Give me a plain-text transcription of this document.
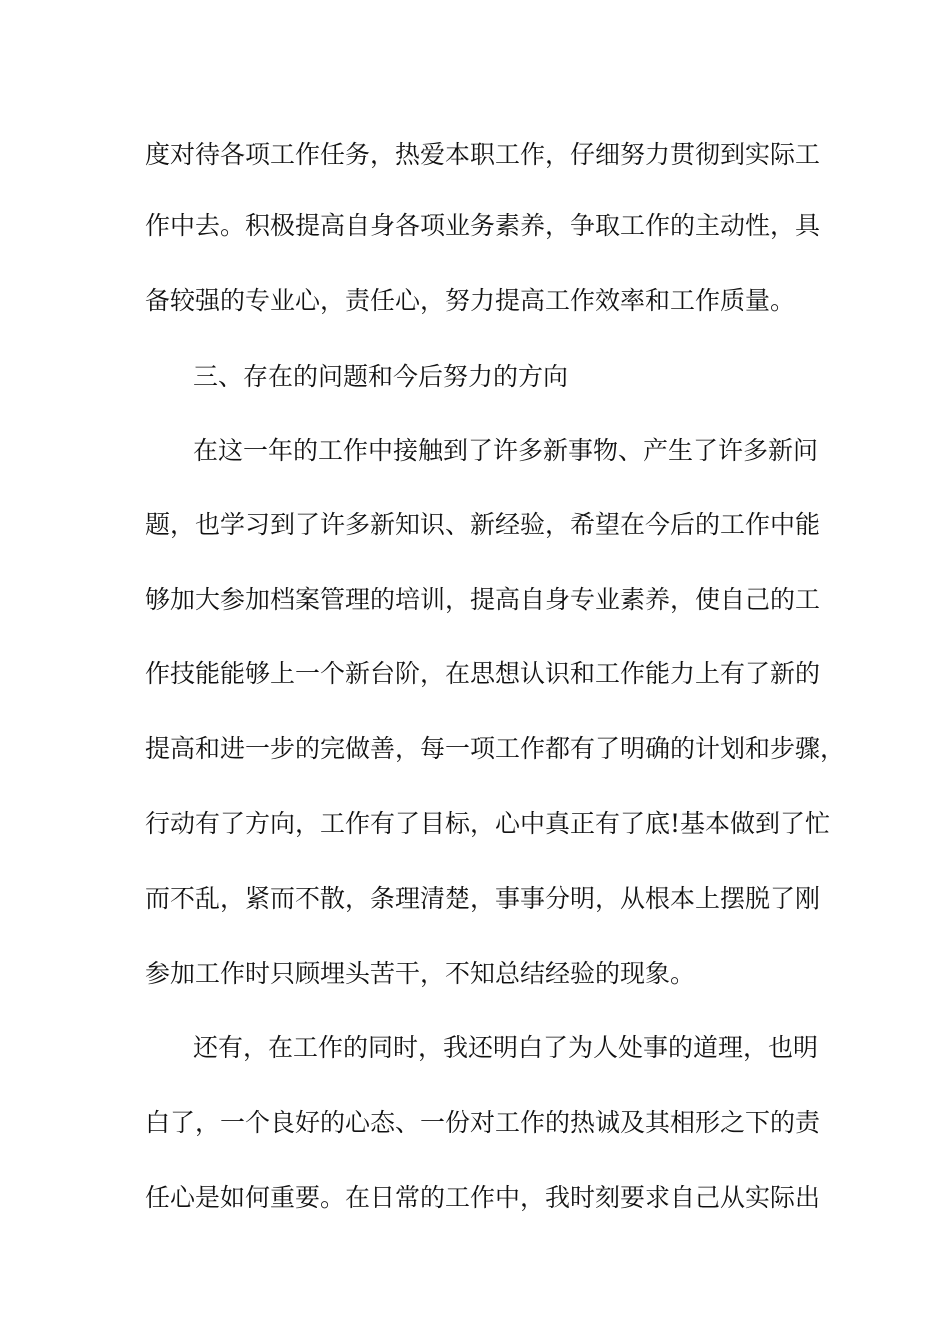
度对待各项工作任务，热爱本职工作，仔细努力贯彻到实际工
作中去。积极提高自身各项业务素养，争取工作的主动性，具
备较强的专业心，责任心，努力提高工作效率和工作质量。
三、存在的问题和今后努力的方向
在这一年的工作中接触到了许多新事物、产生了许多新问
题，也学习到了许多新知识、新经验，希望在今后的工作中能
够加大参加档案管理的培训，提高自身专业素养，使自己的工
作技能能够上一个新台阶，在思想认识和工作能力上有了新的
提高和进一步的完做善，每一项工作都有了明确的计划和步骤，
行动有了方向，工作有了目标，心中真正有了底!基本做到了忙
而不乱，紧而不散，条理清楚，事事分明，从根本上摆脱了刚
参加工作时只顾埋头苦干，不知总结经验的现象。
还有，在工作的同时，我还明白了为人处事的道理，也明
白了，一个良好的心态、一份对工作的热诚及其相形之下的责
任心是如何重要。在日常的工作中，我时刻要求自己从实际出
